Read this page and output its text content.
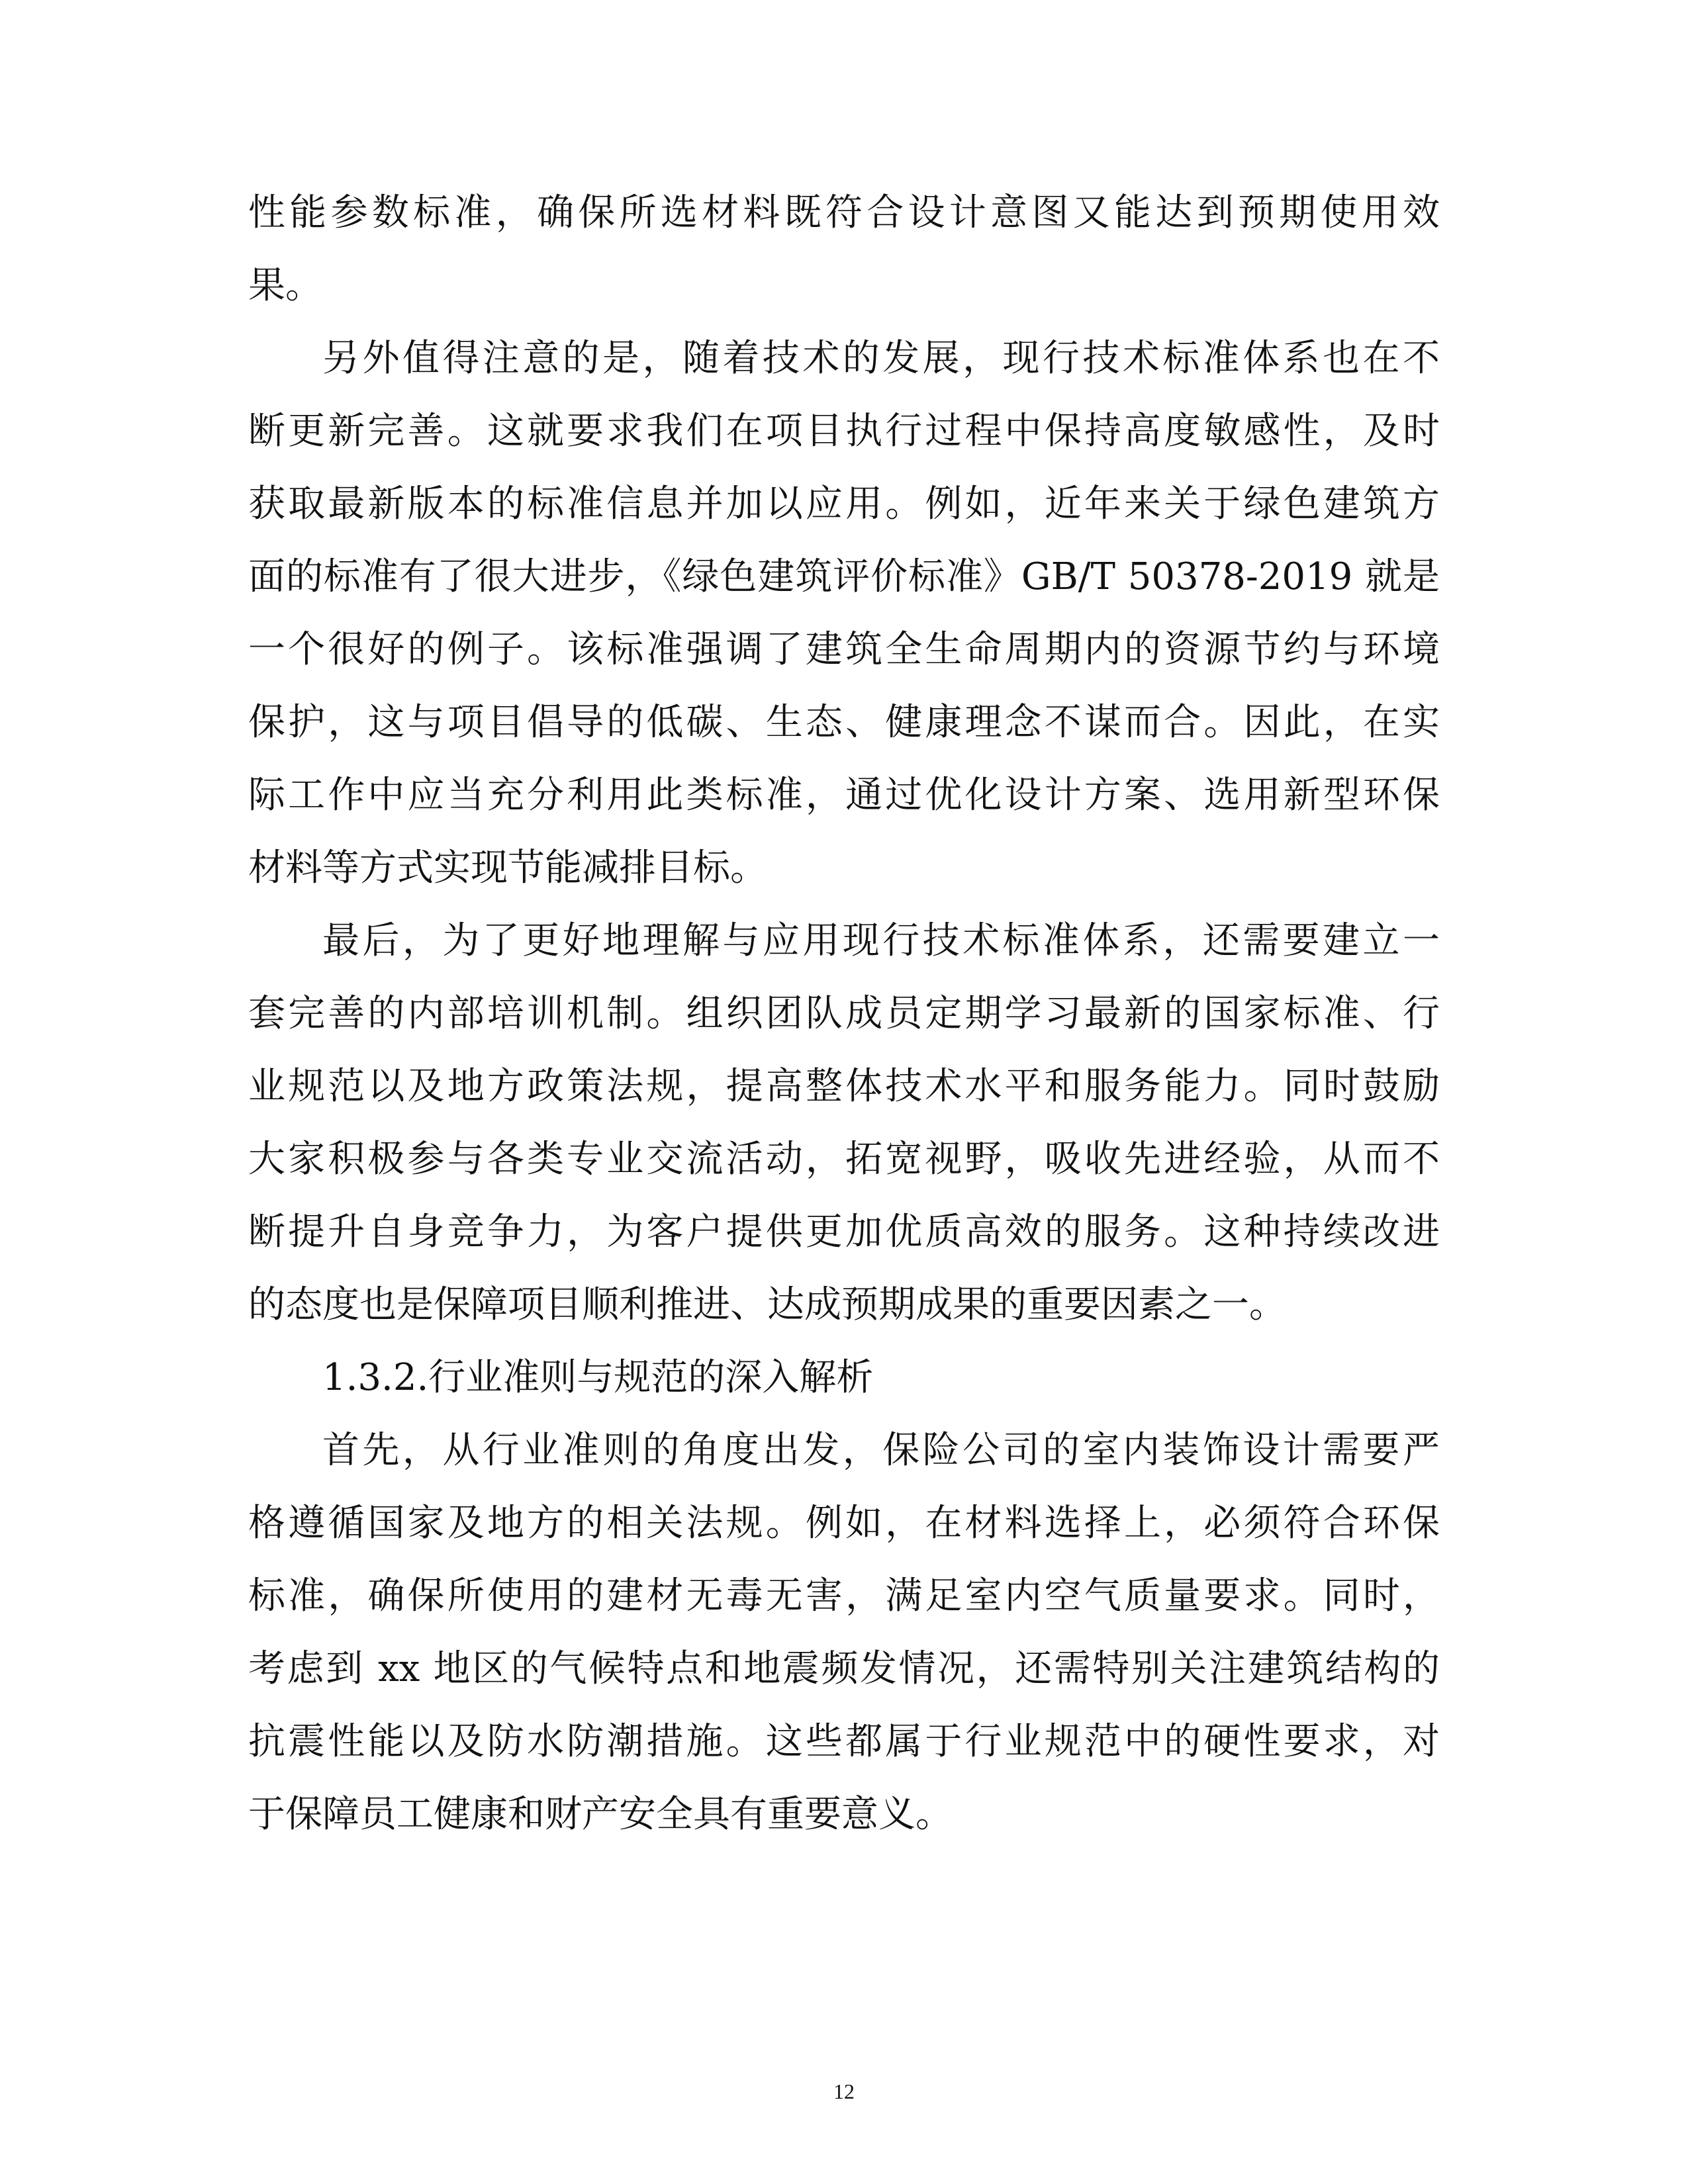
性能参数标准，确保所选材料既符合设计意图又能达到预期使用效

果。

另外值得注意的是，随着技术的发展，现行技术标准体系也在不

断更新完善。这就要求我们在项目执行过程中保持高度敏感性，及时

获取最新版本的标准信息并加以应用。例如，近年来关于绿色建筑方

面的标准有了很大进步，《绿色建筑评价标准》GB/T 50378-2019 就是

一个很好的例子。该标准强调了建筑全生命周期内的资源节约与环境

保护，这与项目倡导的低碳、生态、健康理念不谋而合。因此，在实

际工作中应当充分利用此类标准，通过优化设计方案、选用新型环保

材料等方式实现节能减排目标。

最后，为了更好地理解与应用现行技术标准体系，还需要建立一

套完善的内部培训机制。组织团队成员定期学习最新的国家标准、行

业规范以及地方政策法规，提高整体技术水平和服务能力。同时鼓励

大家积极参与各类专业交流活动，拓宽视野，吸收先进经验，从而不

断提升自身竞争力，为客户提供更加优质高效的服务。这种持续改进

的态度也是保障项目顺利推进、达成预期成果的重要因素之一。

1.3.2.行业准则与规范的深入解析

首先，从行业准则的角度出发，保险公司的室内装饰设计需要严

格遵循国家及地方的相关法规。例如，在材料选择上，必须符合环保

标准，确保所使用的建材无毒无害，满足室内空气质量要求。同时，

考虑到 xx 地区的气候特点和地震频发情况，还需特别关注建筑结构的

抗震性能以及防水防潮措施。这些都属于行业规范中的硬性要求，对

于保障员工健康和财产安全具有重要意义。

12
